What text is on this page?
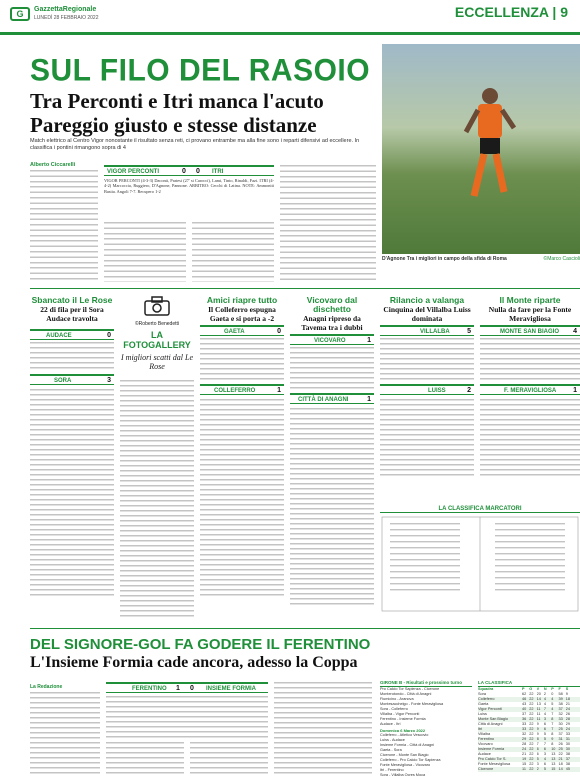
G	GazzettaRegionale
LUNEDÌ 28 FEBBRAIO 2022	ECCELLENZA | 9
SUL FILO DEL RASOIO
Tra Perconti e Itri manca l'acuto
Pareggio giusto e stesse distanze
Match elettrico al Centro Vigor nonostante il risultato senza reti, ci provano entrambe ma alla fine sono i reparti difensivi ad eccellere. In classifica i pontini rimangono sopra di 4
D'Agnone Tra i migliori in campo della sfida di Roma	©Marco Cascioli
Alberto Ciccarelli
VIGOR PERCONTI	0 0 ITRI
VIGOR PERCONTI (4-3-3) Daconti, Pratesi (27' st Carocci), Lami, Tinto, Rinaldi, Fazi. ITRI (4-4-2) Marcoccia, Ruggiero, D'Agnone, Pannone. ARBITRO: Cecchi di Latina. NOTE: Ammoniti Bastia. Angoli 7-7. Recupero 1-2
Sbancato il Le Rose
22 di fila per il Sora Audace travolta
AUDACE	0
SORA	3
©Roberto Benedetti
LA FOTOGALLERY
I migliori scatti dal Le Rose
Amici riapre tutto
Il Colleferro espugna Gaeta e si porta a -2
GAETA	0
COLLEFERRO	1
Vicovaro dal dischetto
Anagni ripreso da Tavema tra i dubbi
VICOVARO	1
CITTÀ DI ANAGNI	1
Rilancio a valanga
Cinquina del Villalba Luiss dominata
VILLALBA 5
LUISS	2
Il Monte riparte
Nulla da fare per la Fonte Meravigliosa
MONTE SAN BIAGIO 4
F. MERAVIGLIOSA 1
LA CLASSIFICA MARCATORI
DEL SIGNORE-GOL FA GODERE IL FERENTINO
L'Insieme Formia cade ancora, adesso la Coppa
La Redazione	FERENTINO 1 0 INSIEME FORMIA
GIRONE B - Risultati e prossimo turno
Pro Calcio Tor Sapienza - Cicerone
Monterotondo - Città di Anagni
Fiumicino - Aranova
Montesacchelgo - Fonte Meravigliosa
Sora - Colleferro
Villalba - Vigor Perconti
Ferentino - Insieme Formia
Audace - Itri
Domenica 6 Marzo 2022
Colleferro - Atletico Vescovio
Luiss - Audace
Insieme Formia - Città di Anagni
Gaeta - Sora
Cicerone - Monte San Biagio
Colleferro - Pro Calcio Tor Sapienza
Fonte Meravigliosa - Vicovaro
Itri - Ferentino
Sora - Villalba Ocres Moca
LA CLASSIFICA
Squadra	P	G	V	N	P	F	S
Sora	62 22 20 2	0	58 9
Colleferro	46 22 14 4	4	39 18
Gaeta	43 22 13 4	5	38 21
Vigor Perconti	40 22 11 7	4	37 24
Luiss	37 22 11 4	7	32 26
Monte San Biagio	36 22 11 3	8	33 28
Città di Anagni	33 22 9	6	7	30 29
Itri	33 22 9	6	7	25 24
Villalba	32 22 9	5	8	37 33
Ferentino	29 22 8	5	9	31 31
Vicovaro	28 22 7	7	8	26 30
Insieme Formia	24 22 6	6	10 25 30
Audace	21 22 6	3	13 22 38
Pro Calcio Tor S.	19 22 5	4	13 21 37
Fonte Meravigliosa	15 22 3	6	13 18 38
Cicerone	11 22 2	5	15 14 45
